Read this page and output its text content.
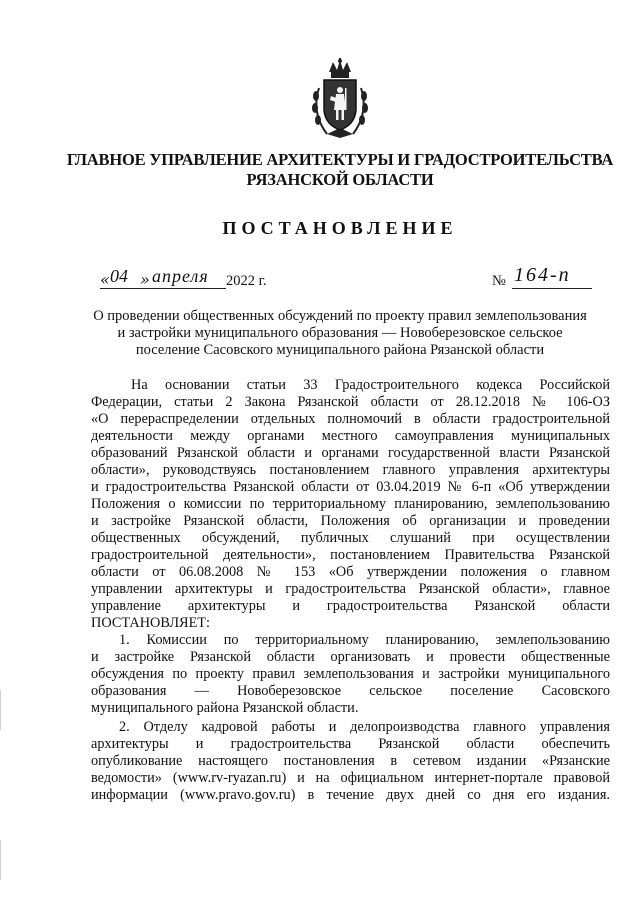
ГЛАВНОЕ УПРАВЛЕНИЕ АРХИТЕКТУРЫ И ГРАДОСТРОИТЕЛЬСТВА
РЯЗАНСКОЙ ОБЛАСТИ
ПОСТАНОВЛЕНИЕ
« 04 » апреля 2022 г.	№ 164-п
О проведении общественных обсуждений по проекту правил землепользования
и застройки муниципального образования — Новоберезовское сельское
поселение Сасовского муниципального района Рязанской области

На основании статьи 33 Градостроительного кодекса Российской

Федерации, статьи 2 Закона Рязанской области от 28.12.2018 № 106-ОЗ

«О перераспределении отдельных полномочий в области градостроительной

деятельности между органами местного самоуправления муниципальных

образований Рязанской области и органами государственной власти Рязанской

области», руководствуясь постановлением главного управления архитектуры

и градостроительства Рязанской области от 03.04.2019 № 6-п «Об утверждении

Положения о комиссии по территориальному планированию, землепользованию

и застройке Рязанской области, Положения об организации и проведении

общественных обсуждений, публичных слушаний при осуществлении

градостроительной деятельности», постановлением Правительства Рязанской

области от 06.08.2008 № 153 «Об утверждении положения о главном

управлении архитектуры и градостроительства Рязанской области», главное

управление архитектуры и градостроительства Рязанской области

ПОСТАНОВЛЯЕТ:

1. Комиссии по территориальному планированию, землепользованию

и застройке Рязанской области организовать и провести общественные

обсуждения по проекту правил землепользования и застройки муниципального

образования — Новоберезовское сельское поселение Сасовского

муниципального района Рязанской области.

2. Отделу кадровой работы и делопроизводства главного управления

архитектуры и градостроительства Рязанской области обеспечить

опубликование настоящего постановления в сетевом издании «Рязанские

ведомости» (www.rv-ryazan.ru) и на официальном интернет-портале правовой

информации (www.pravo.gov.ru) в течение двух дней со дня его издания.
